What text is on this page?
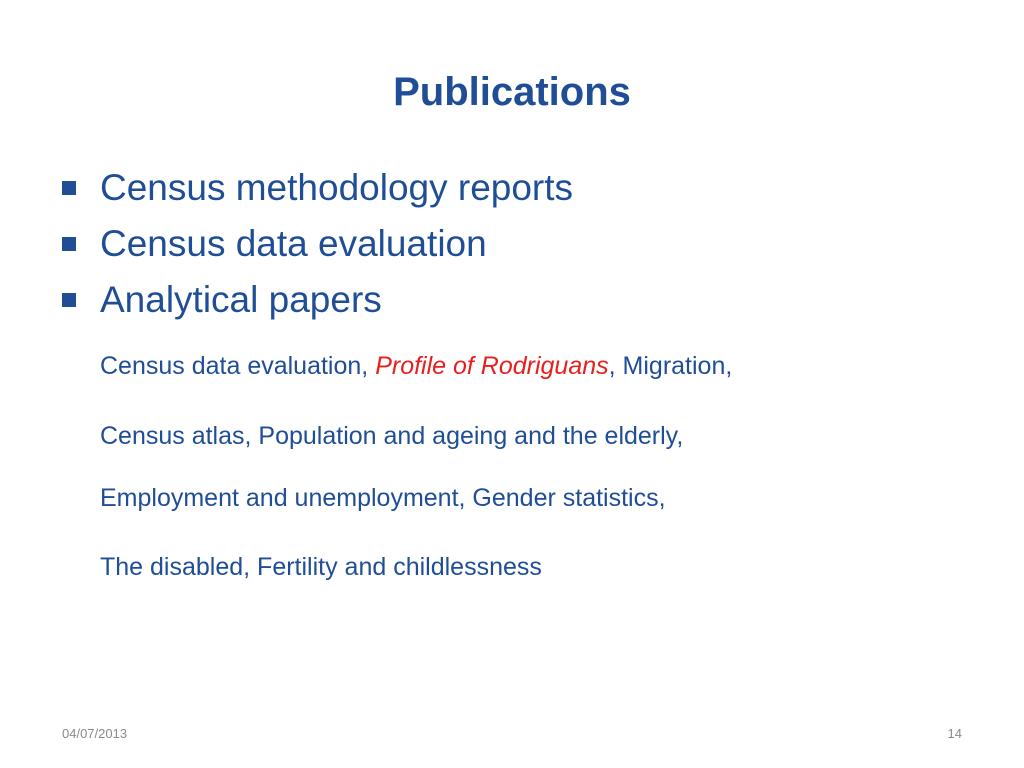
Publications
Census methodology reports
Census data evaluation
Analytical papers
Census data evaluation, Profile of Rodriguans, Migration,
Census atlas, Population and ageing and the elderly,
Employment and unemployment, Gender statistics,
The disabled, Fertility and childlessness
04/07/2013	14
